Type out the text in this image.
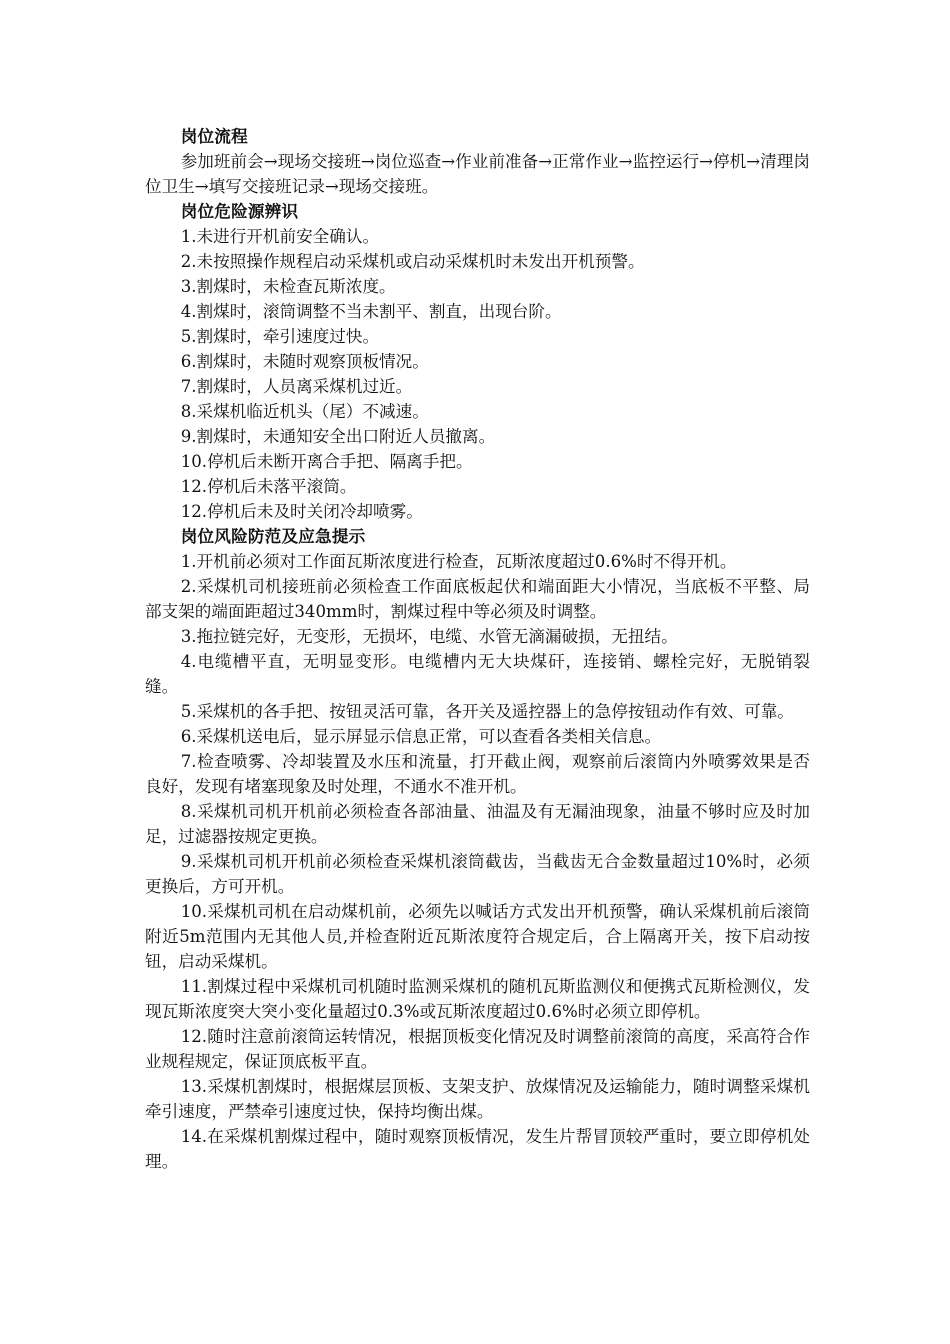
岗位流程

参加班前会→现场交接班→岗位巡查→作业前准备→正常作业→监控运行→停机→清理岗位卫生→填写交接班记录→现场交接班。

岗位危险源辨识

1.未进行开机前安全确认。
2.未按照操作规程启动采煤机或启动采煤机时未发出开机预警。
3.割煤时，未检查瓦斯浓度。
4.割煤时，滚筒调整不当未割平、割直，出现台阶。
5.割煤时，牵引速度过快。
6.割煤时，未随时观察顶板情况。
7.割煤时，人员离采煤机过近。
8.采煤机临近机头（尾）不减速。
9.割煤时，未通知安全出口附近人员撤离。
10.停机后未断开离合手把、隔离手把。
12.停机后未落平滚筒。
12.停机后未及时关闭冷却喷雾。

岗位风险防范及应急提示

1.开机前必须对工作面瓦斯浓度进行检查，瓦斯浓度超过0.6%时不得开机。
2.采煤机司机接班前必须检查工作面底板起伏和端面距大小情况，当底板不平整、局部支架的端面距超过340mm时，割煤过程中等必须及时调整。
3.拖拉链完好，无变形，无损坏，电缆、水管无滴漏破损，无扭结。
4.电缆槽平直，无明显变形。电缆槽内无大块煤矸，连接销、螺栓完好，无脱销裂缝。
5.采煤机的各手把、按钮灵活可靠，各开关及遥控器上的急停按钮动作有效、可靠。
6.采煤机送电后，显示屏显示信息正常，可以查看各类相关信息。
7.检查喷雾、冷却装置及水压和流量，打开截止阀，观察前后滚筒内外喷雾效果是否良好，发现有堵塞现象及时处理，不通水不准开机。
8.采煤机司机开机前必须检查各部油量、油温及有无漏油现象，油量不够时应及时加足，过滤器按规定更换。
9.采煤机司机开机前必须检查采煤机滚筒截齿，当截齿无合金数量超过10%时，必须更换后，方可开机。
10.采煤机司机在启动煤机前，必须先以喊话方式发出开机预警，确认采煤机前后滚筒附近5m范围内无其他人员,并检查附近瓦斯浓度符合规定后，合上隔离开关，按下启动按钮，启动采煤机。
11.割煤过程中采煤机司机随时监测采煤机的随机瓦斯监测仪和便携式瓦斯检测仪，发现瓦斯浓度突大突小变化量超过0.3%或瓦斯浓度超过0.6%时必须立即停机。
12.随时注意前滚筒运转情况，根据顶板变化情况及时调整前滚筒的高度，采高符合作业规程规定，保证顶底板平直。
13.采煤机割煤时，根据煤层顶板、支架支护、放煤情况及运输能力，随时调整采煤机牵引速度，严禁牵引速度过快，保持均衡出煤。
14.在采煤机割煤过程中，随时观察顶板情况，发生片帮冒顶较严重时，要立即停机处理。
